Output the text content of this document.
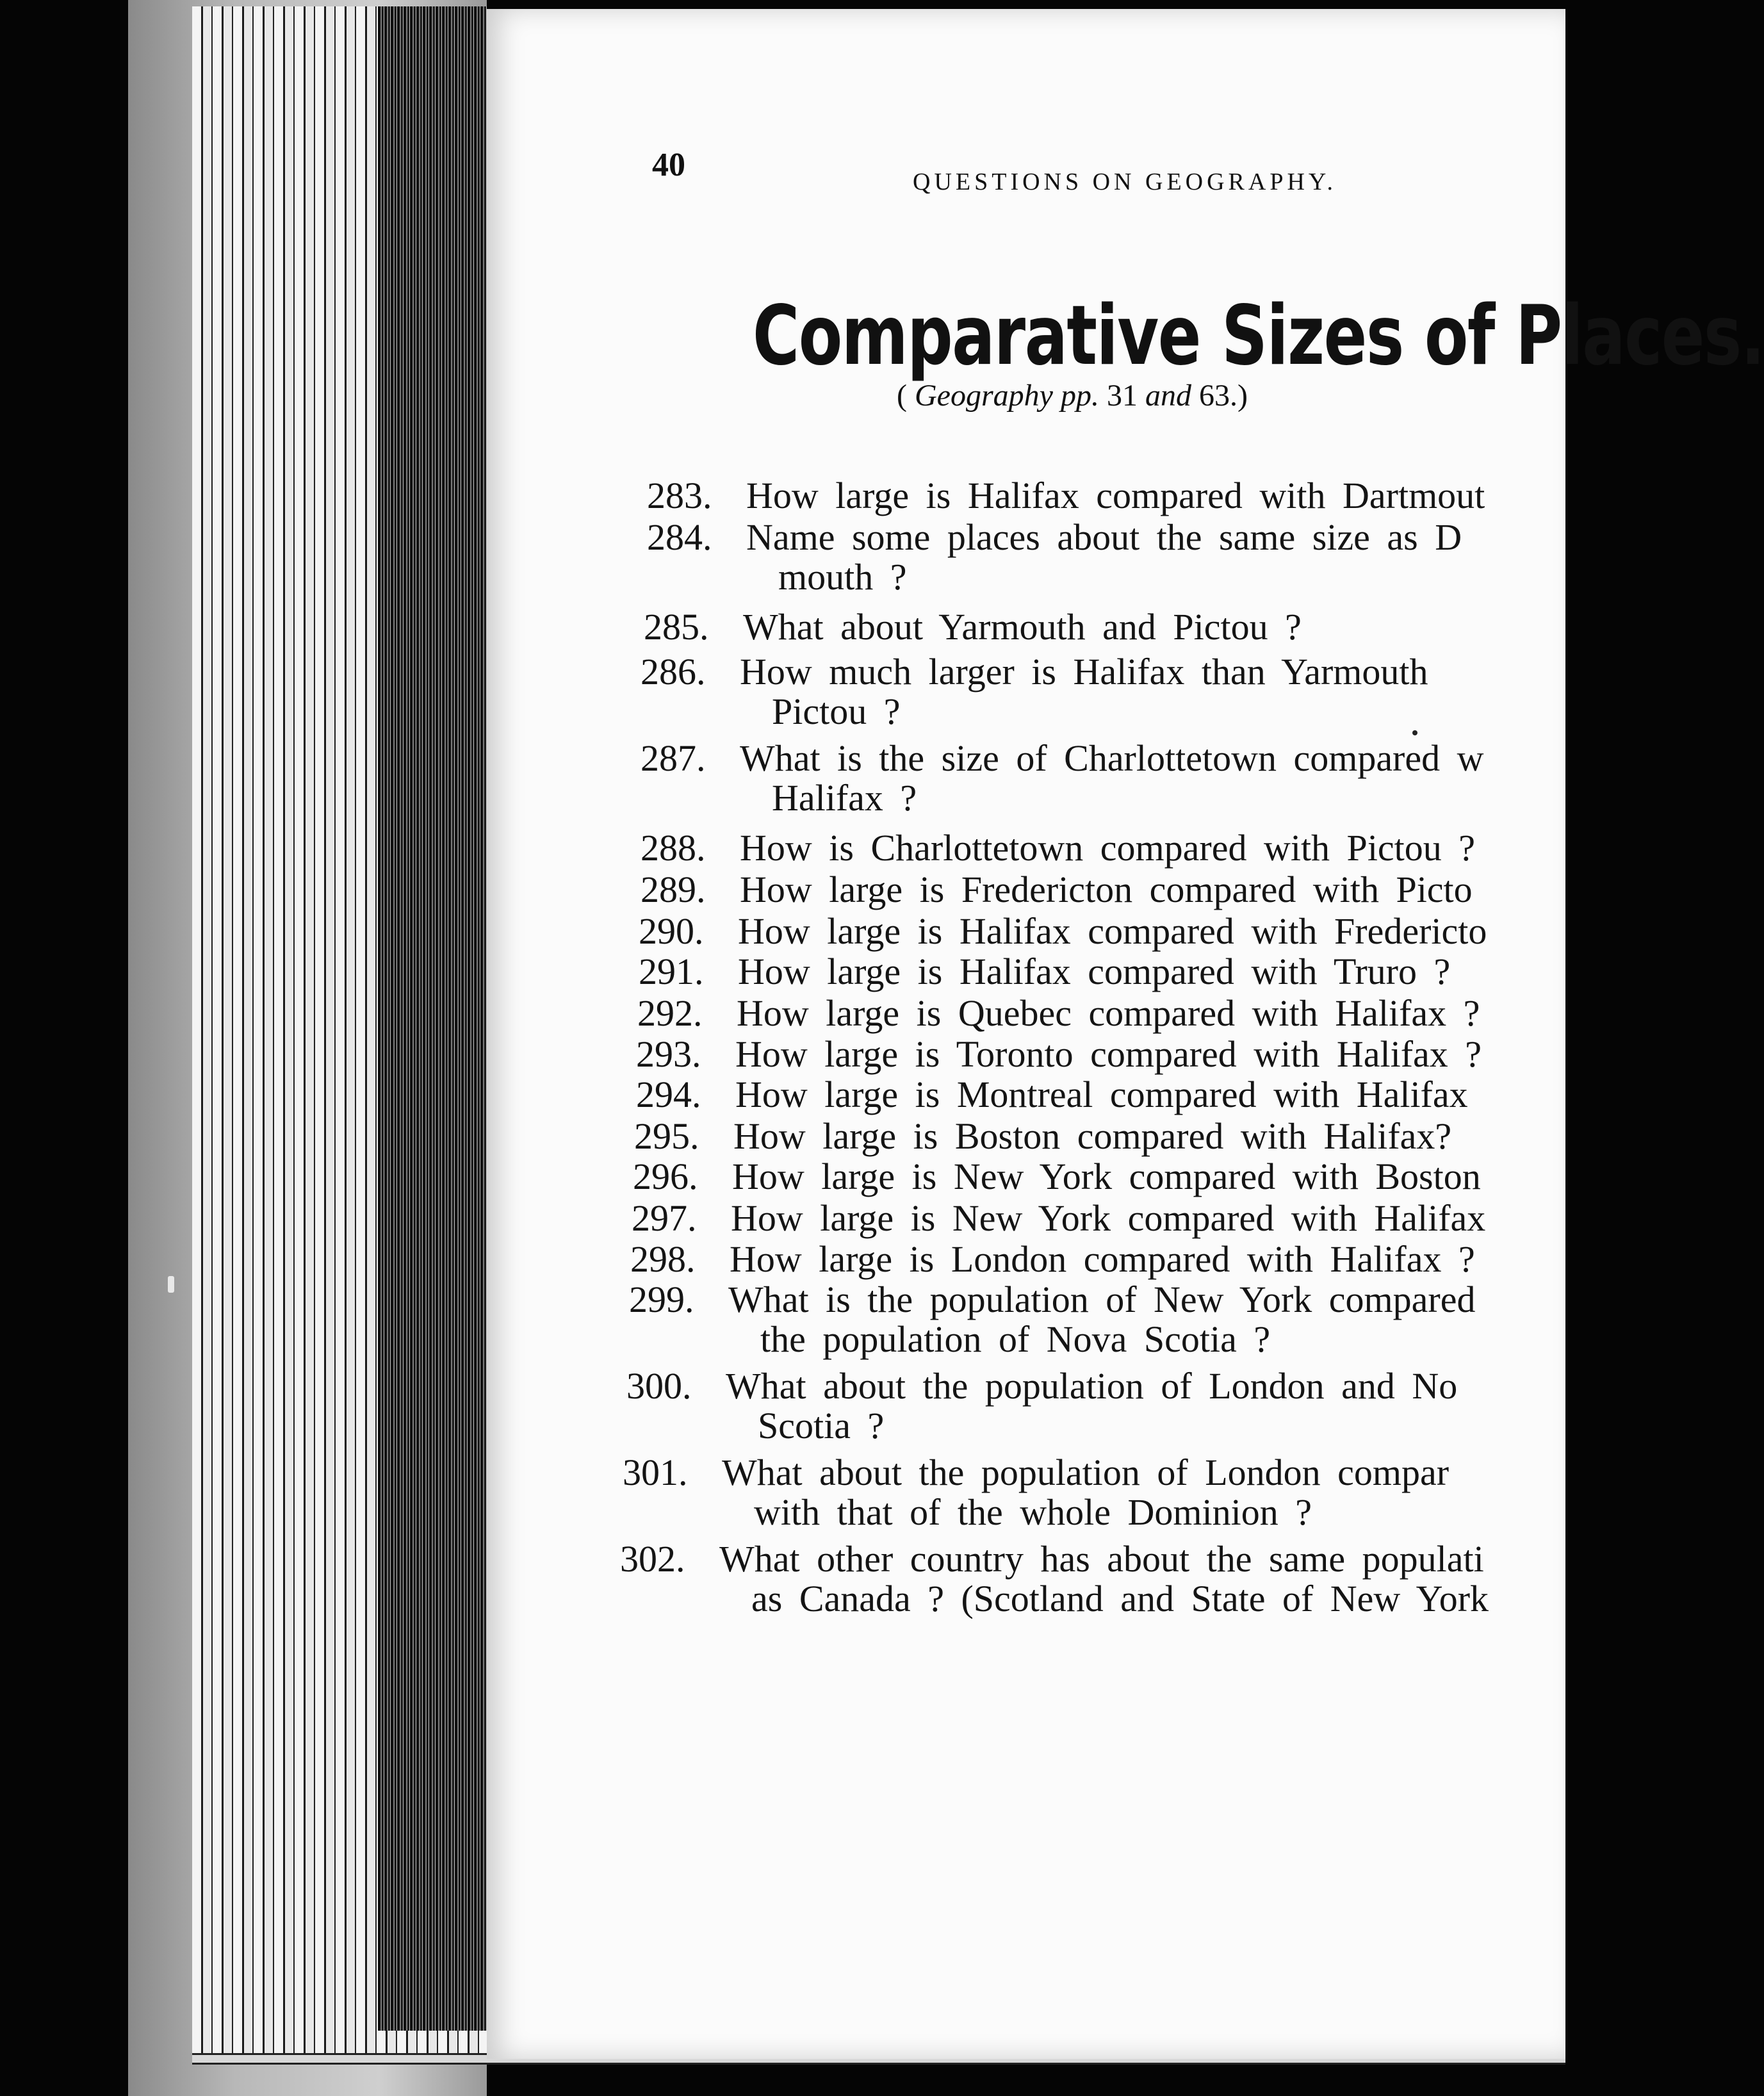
40	QUESTIONS ON GEOGRAPHY.
Comparative Sizes of Places.
( Geography pp. 31 and 63.)
283. How large is Halifax compared with Dartmout
284. Name some places about the same size as D
mouth ?
285. What about Yarmouth and Pictou ?
286. How much larger is Halifax than Yarmouth
Pictou ?
287. What is the size of Charlottetown compared w
Halifax ?
288. How is Charlottetown compared with Pictou ?
289. How large is Fredericton compared with Picto
290. How large is Halifax compared with Fredericto
291. How large is Halifax compared with Truro ?
292. How large is Quebec compared with Halifax ?
293. How large is Toronto compared with Halifax ?
294. How large is Montreal compared with Halifax
295. How large is Boston compared with Halifax?
296. How large is New York compared with Boston
297. How large is New York compared with Halifax
298. How large is London compared with Halifax ?
299. What is the population of New York compared
the population of Nova Scotia ?
300. What about the population of London and No
Scotia ?
301. What about the population of London compar
with that of the whole Dominion ?
302. What other country has about the same populati
as Canada ? (Scotland and State of New York
